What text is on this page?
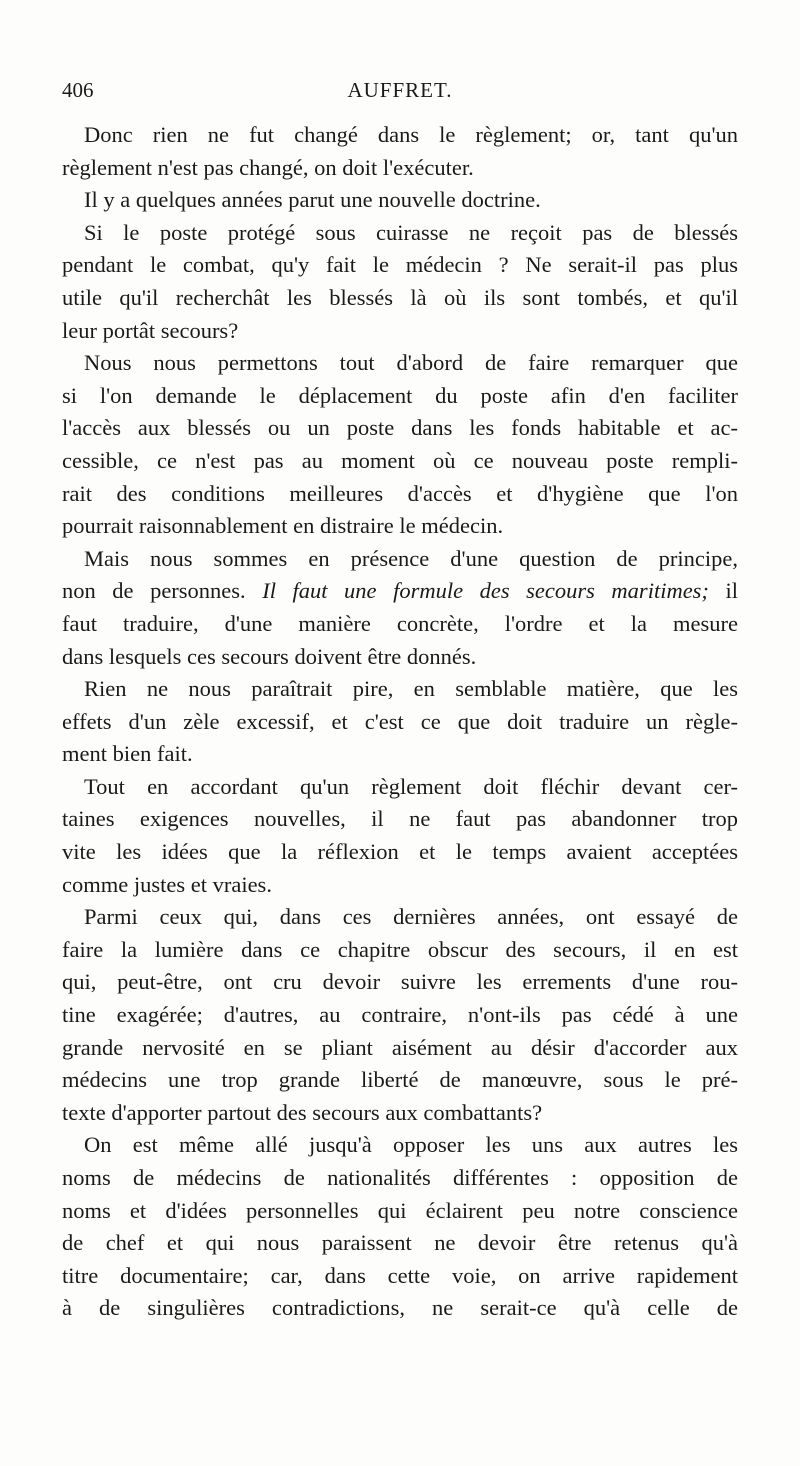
406	AUFFRET.
Donc rien ne fut changé dans le règlement; or, tant qu'un
règlement n'est pas changé, on doit l'exécuter.
Il y a quelques années parut une nouvelle doctrine.
Si le poste protégé sous cuirasse ne reçoit pas de blessés
pendant le combat, qu'y fait le médecin ? Ne serait-il pas plus
utile qu'il recherchât les blessés là où ils sont tombés, et qu'il
leur portât secours?
Nous nous permettons tout d'abord de faire remarquer que
si l'on demande le déplacement du poste afin d'en faciliter
l'accès aux blessés ou un poste dans les fonds habitable et ac-
cessible, ce n'est pas au moment où ce nouveau poste rempli-
rait des conditions meilleures d'accès et d'hygiène que l'on
pourrait raisonnablement en distraire le médecin.
Mais nous sommes en présence d'une question de principe,
non de personnes. Il faut une formule des secours maritimes; il
faut traduire, d'une manière concrète, l'ordre et la mesure
dans lesquels ces secours doivent être donnés.
Rien ne nous paraîtrait pire, en semblable matière, que les
effets d'un zèle excessif, et c'est ce que doit traduire un règle-
ment bien fait.
Tout en accordant qu'un règlement doit fléchir devant cer-
taines exigences nouvelles, il ne faut pas abandonner trop
vite les idées que la réflexion et le temps avaient acceptées
comme justes et vraies.
Parmi ceux qui, dans ces dernières années, ont essayé de
faire la lumière dans ce chapitre obscur des secours, il en est
qui, peut-être, ont cru devoir suivre les errements d'une rou-
tine exagérée; d'autres, au contraire, n'ont-ils pas cédé à une
grande nervosité en se pliant aisément au désir d'accorder aux
médecins une trop grande liberté de manœuvre, sous le pré-
texte d'apporter partout des secours aux combattants?
On est même allé jusqu'à opposer les uns aux autres les
noms de médecins de nationalités différentes : opposition de
noms et d'idées personnelles qui éclairent peu notre conscience
de chef et qui nous paraissent ne devoir être retenus qu'à
titre documentaire; car, dans cette voie, on arrive rapidement
à de singulières contradictions, ne serait-ce qu'à celle de
